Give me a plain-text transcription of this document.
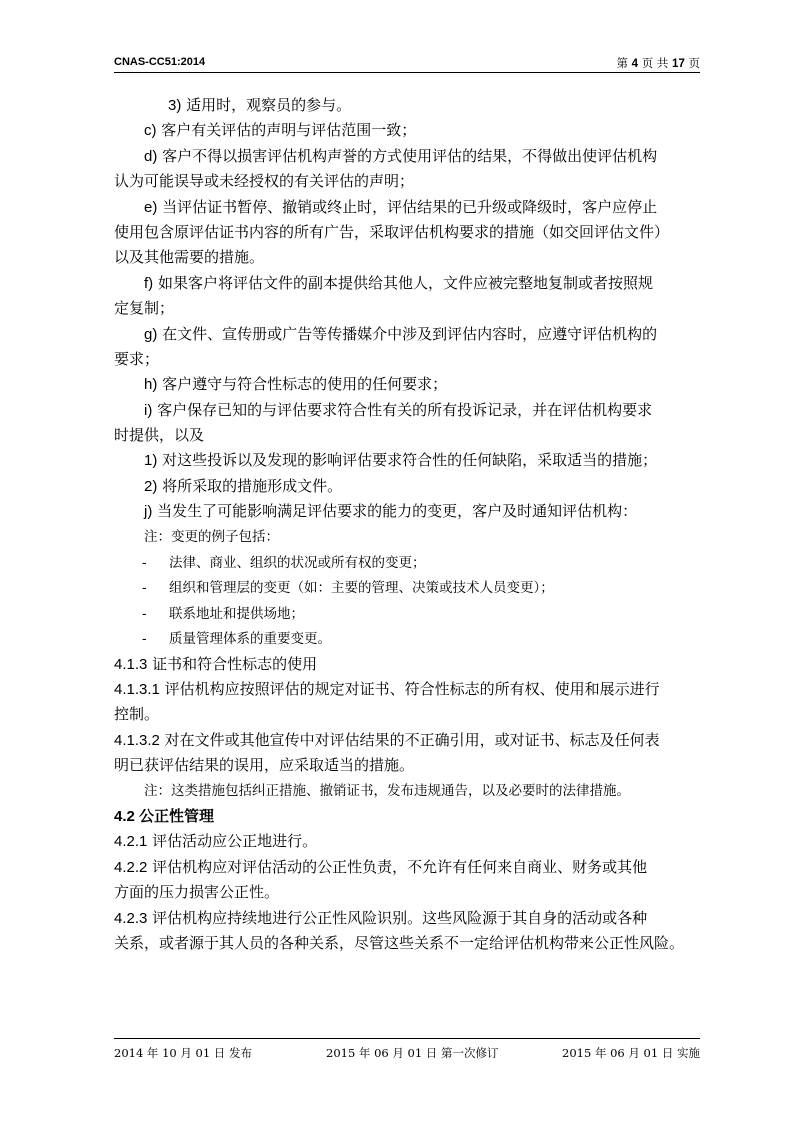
CNAS-CC51:2014	第 4 页 共 17 页
3) 适用时，观察员的参与。
c) 客户有关评估的声明与评估范围一致；
d) 客户不得以损害评估机构声誉的方式使用评估的结果，不得做出使评估机构
认为可能误导或未经授权的有关评估的声明；
e) 当评估证书暂停、撤销或终止时，评估结果的已升级或降级时，客户应停止
使用包含原评估证书内容的所有广告，采取评估机构要求的措施（如交回评估文件）
以及其他需要的措施。
f) 如果客户将评估文件的副本提供给其他人，文件应被完整地复制或者按照规
定复制；
g) 在文件、宣传册或广告等传播媒介中涉及到评估内容时，应遵守评估机构的
要求；
h) 客户遵守与符合性标志的使用的任何要求；
i) 客户保存已知的与评估要求符合性有关的所有投诉记录，并在评估机构要求
时提供，以及
1) 对这些投诉以及发现的影响评估要求符合性的任何缺陷，采取适当的措施；
2) 将所采取的措施形成文件。
j) 当发生了可能影响满足评估要求的能力的变更，客户及时通知评估机构：
注：变更的例子包括：
- 法律、商业、组织的状况或所有权的变更；
- 组织和管理层的变更（如：主要的管理、决策或技术人员变更）；
- 联系地址和提供场地；
- 质量管理体系的重要变更。
4.1.3 证书和符合性标志的使用
4.1.3.1 评估机构应按照评估的规定对证书、符合性标志的所有权、使用和展示进行
控制。
4.1.3.2 对在文件或其他宣传中对评估结果的不正确引用，或对证书、标志及任何表
明已获评估结果的误用，应采取适当的措施。
注：这类措施包括纠正措施、撤销证书，发布违规通告，以及必要时的法律措施。
4.2 公正性管理
4.2.1 评估活动应公正地进行。
4.2.2 评估机构应对评估活动的公正性负责，不允许有任何来自商业、财务或其他
方面的压力损害公正性。
4.2.3 评估机构应持续地进行公正性风险识别。这些风险源于其自身的活动或各种
关系，或者源于其人员的各种关系，尽管这些关系不一定给评估机构带来公正性风险。
2014 年 10 月 01 日 发布	2015 年 06 月 01 日 第一次修订	2015 年 06 月 01 日 实施
